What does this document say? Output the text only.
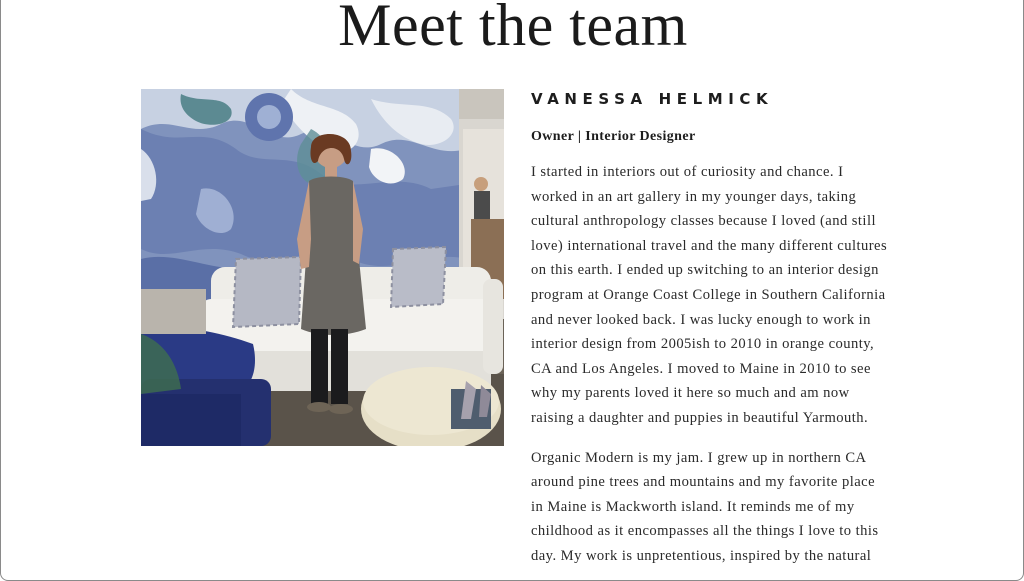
Meet the team
VANESSA HELMICK

Owner | Interior Designer

I started in interiors out of curiosity and chance. I
worked in an art gallery in my younger days, taking
cultural anthropology classes because I loved (and still
love) international travel and the many different cultures
on this earth. I ended up switching to an interior design
program at Orange Coast College in Southern California
and never looked back. I was lucky enough to work in
interior design from 2005ish to 2010 in orange county,
CA and Los Angeles. I moved to Maine in 2010 to see
why my parents loved it here so much and am now
raising a daughter and puppies in beautiful Yarmouth.

Organic Modern is my jam. I grew up in northern CA
around pine trees and mountains and my favorite place
in Maine is Mackworth island. It reminds me of my
childhood as it encompasses all the things I love to this
day. My work is unpretentious, inspired by the natural
